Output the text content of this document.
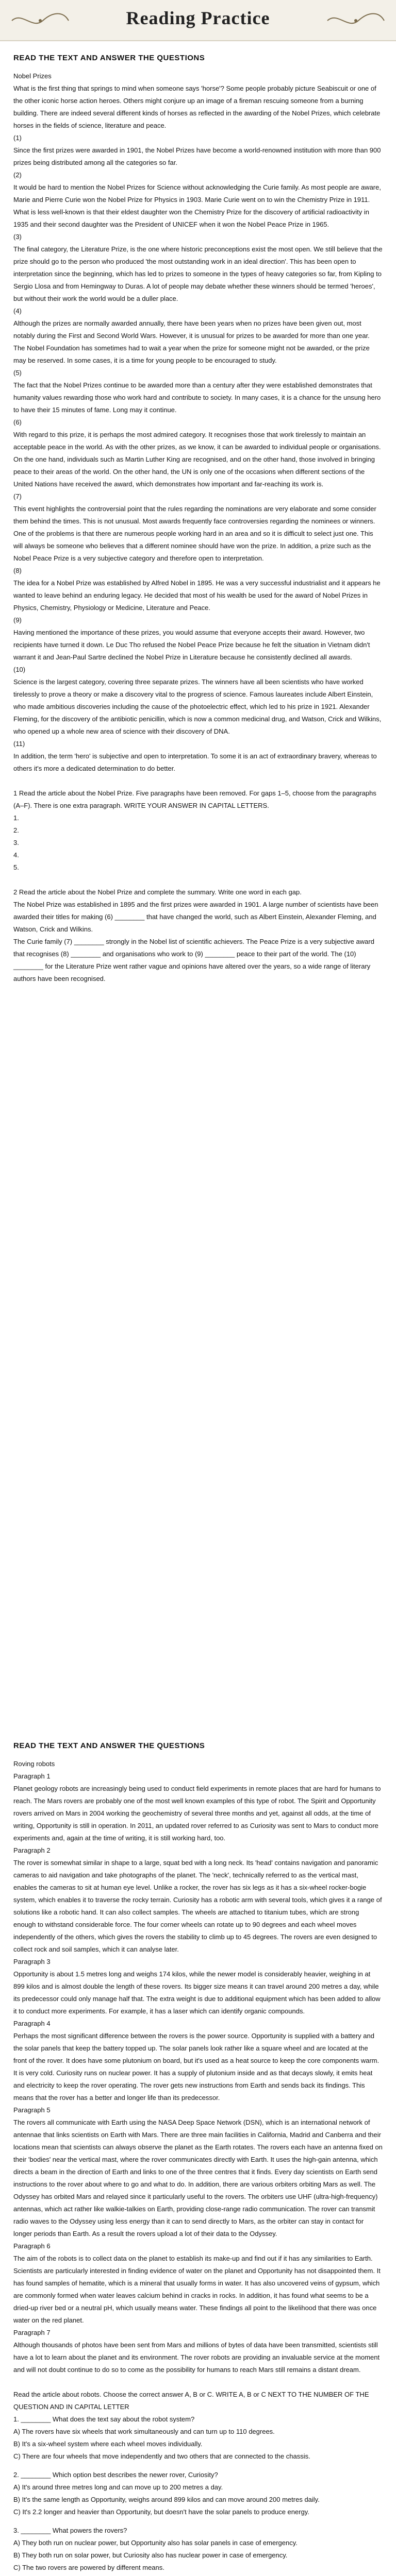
Reading Practice
READ THE TEXT AND ANSWER THE QUESTIONS

Nobel Prizes

What is the first thing that springs to mind when someone says 'horse'? Some people probably picture Seabiscuit or one of the other iconic horse action heroes. Others might conjure up an image of a fireman rescuing someone from a burning building. There are indeed several different kinds of horses as reflected in the awarding of the Nobel Prizes, which celebrate horses in the fields of science, literature and peace.

(1)

Since the first prizes were awarded in 1901, the Nobel Prizes have become a world-renowned institution with more than 900 prizes being distributed among all the categories so far.

(2)

It would be hard to mention the Nobel Prizes for Science without acknowledging the Curie family. As most people are aware, Marie and Pierre Curie won the Nobel Prize for Physics in 1903. Marie Curie went on to win the Chemistry Prize in 1911. What is less well-known is that their eldest daughter won the Chemistry Prize for the discovery of artificial radioactivity in 1935 and their second daughter was the President of UNICEF when it won the Nobel Peace Prize in 1965.

(3)

The final category, the Literature Prize, is the one where historic preconceptions exist the most open. We still believe that the prize should go to the person who produced 'the most outstanding work in an ideal direction'. This has been open to interpretation since the beginning, which has led to prizes to someone in the types of heavy categories so far, from Kipling to Sergio Llosa and from Hemingway to Duras. A lot of people may debate whether these winners should be termed 'heroes', but without their work the world would be a duller place.

(4)

Although the prizes are normally awarded annually, there have been years when no prizes have been given out, most notably during the First and Second World Wars. However, it is unusual for prizes to be awarded for more than one year. The Nobel Foundation has sometimes had to wait a year when the prize for someone might not be awarded, or the prize may be reserved. In some cases, it is a time for young people to be encouraged to study.

(5)

The fact that the Nobel Prizes continue to be awarded more than a century after they were established demonstrates that humanity values rewarding those who work hard and contribute to society. In many cases, it is a chance for the unsung hero to have their 15 minutes of fame. Long may it continue.

(6)

With regard to this prize, it is perhaps the most admired category. It recognises those that work tirelessly to maintain an acceptable peace in the world. As with the other prizes, as we know, it can be awarded to individual people or organisations. On the one hand, individuals such as Martin Luther King are recognised, and on the other hand, those involved in bringing peace to their areas of the world. On the other hand, the UN is only one of the occasions when different sections of the United Nations have received the award, which demonstrates how important and far-reaching its work is.

(7)

This event highlights the controversial point that the rules regarding the nominations are very elaborate and some consider them behind the times. This is not unusual. Most awards frequently face controversies regarding the nominees or winners. One of the problems is that there are numerous people working hard in an area and so it is difficult to select just one. This will always be someone who believes that a different nominee should have won the prize. In addition, a prize such as the Nobel Peace Prize is a very subjective category and therefore open to interpretation.

(8)

The idea for a Nobel Prize was established by Alfred Nobel in 1895. He was a very successful industrialist and it appears he wanted to leave behind an enduring legacy. He decided that most of his wealth be used for the award of Nobel Prizes in Physics, Chemistry, Physiology or Medicine, Literature and Peace.

(9)

Having mentioned the importance of these prizes, you would assume that everyone accepts their award. However, two recipients have turned it down. Le Duc Tho refused the Nobel Peace Prize because he felt the situation in Vietnam didn't warrant it and Jean-Paul Sartre declined the Nobel Prize in Literature because he consistently declined all awards.

(10)

Science is the largest category, covering three separate prizes. The winners have all been scientists who have worked tirelessly to prove a theory or make a discovery vital to the progress of science. Famous laureates include Albert Einstein, who made ambitious discoveries including the cause of the photoelectric effect, which led to his prize in 1921. Alexander Fleming, for the discovery of the antibiotic penicillin, which is now a common medicinal drug, and Watson, Crick and Wilkins, who opened up a whole new area of science with their discovery of DNA.

(11)

In addition, the term 'hero' is subjective and open to interpretation. To some it is an act of extraordinary bravery, whereas to others it's more a dedicated determination to do better.

1 Read the article about the Nobel Prize. Five paragraphs have been removed. For gaps 1–5, choose from the paragraphs (A–F). There is one extra paragraph. WRITE YOUR ANSWER IN CAPITAL LETTERS.

1.

2.

3.

4.

5.

2 Read the article about the Nobel Prize and complete the summary. Write one word in each gap.

The Nobel Prize was established in 1895 and the first prizes were awarded in 1901. A large number of scientists have been awarded their titles for making (6) ________ that have changed the world, such as Albert Einstein, Alexander Fleming, and Watson, Crick and Wilkins.

The Curie family (7) ________ strongly in the Nobel list of scientific achievers. The Peace Prize is a very subjective award that recognises (8) ________ and organisations who work to (9) ________ peace to their part of the world. The (10) ________ for the Literature Prize went rather vague and opinions have altered over the years, so a wide range of literary authors have been recognised.

READ THE TEXT AND ANSWER THE QUESTIONS

Roving robots

Paragraph 1

Planet geology robots are increasingly being used to conduct field experiments in remote places that are hard for humans to reach. The Mars rovers are probably one of the most well known examples of this type of robot. The Spirit and Opportunity rovers arrived on Mars in 2004 working the geochemistry of several three months and yet, against all odds, at the time of writing, Opportunity is still in operation. In 2011, an updated rover referred to as Curiosity was sent to Mars to conduct more experiments and, again at the time of writing, it is still working hard, too.

Paragraph 2

The rover is somewhat similar in shape to a large, squat bed with a long neck. Its 'head' contains navigation and panoramic cameras to aid navigation and take photographs of the planet. The 'neck', technically referred to as the vertical mast, enables the cameras to sit at human eye level. Unlike a rocker, the rover has six legs as it has a six-wheel rocker-bogie system, which enables it to traverse the rocky terrain. Curiosity has a robotic arm with several tools, which gives it a range of solutions like a robotic hand. It can also collect samples. The wheels are attached to titanium tubes, which are strong enough to withstand considerable force. The four corner wheels can rotate up to 90 degrees and each wheel moves independently of the others, which gives the rovers the stability to climb up to 45 degrees. The rovers are even designed to collect rock and soil samples, which it can analyse later.

Paragraph 3

Opportunity is about 1.5 metres long and weighs 174 kilos, while the newer model is considerably heavier, weighing in at 899 kilos and is almost double the length of these rovers. Its bigger size means it can travel around 200 metres a day, while its predecessor could only manage half that. The extra weight is due to additional equipment which has been added to allow it to conduct more experiments. For example, it has a laser which can identify organic compounds.

Paragraph 4

Perhaps the most significant difference between the rovers is the power source. Opportunity is supplied with a battery and the solar panels that keep the battery topped up. The solar panels look rather like a square wheel and are located at the front of the rover. It does have some plutonium on board, but it's used as a heat source to keep the core components warm. It is very cold. Curiosity runs on nuclear power. It has a supply of plutonium inside and as that decays slowly, it emits heat and electricity to keep the rover operating. The rover gets new instructions from Earth and sends back its findings. This means that the rover has a better and longer life than its predecessor.

Paragraph 5

The rovers all communicate with Earth using the NASA Deep Space Network (DSN), which is an international network of antennae that links scientists on Earth with Mars. There are three main facilities in California, Madrid and Canberra and their locations mean that scientists can always observe the planet as the Earth rotates. The rovers each have an antenna fixed on their 'bodies' near the vertical mast, where the rover communicates directly with Earth. It uses the high-gain antenna, which directs a beam in the direction of Earth and links to one of the three centres that it finds. Every day scientists on Earth send instructions to the rover about where to go and what to do. In addition, there are various orbiters orbiting Mars as well. The Odyssey has orbited Mars and relayed since it particularly useful to the rovers. The orbiters use UHF (ultra-high-frequency) antennas, which act rather like walkie-talkies on Earth, providing close-range radio communication. The rover can transmit radio waves to the Odyssey using less energy than it can to send directly to Mars, as the orbiter can stay in contact for longer periods than Earth. As a result the rovers upload a lot of their data to the Odyssey.

Paragraph 6

The aim of the robots is to collect data on the planet to establish its make-up and find out if it has any similarities to Earth. Scientists are particularly interested in finding evidence of water on the planet and Opportunity has not disappointed them. It has found samples of hematite, which is a mineral that usually forms in water. It has also uncovered veins of gypsum, which are commonly formed when water leaves calcium behind in cracks in rocks. In addition, it has found what seems to be a dried-up river bed or a neutral pH, which usually means water. These findings all point to the likelihood that there was once water on the red planet.

Paragraph 7

Although thousands of photos have been sent from Mars and millions of bytes of data have been transmitted, scientists still have a lot to learn about the planet and its environment. The rover robots are providing an invaluable service at the moment and will not doubt continue to do so to come as the possibility for humans to reach Mars still remains a distant dream.

Read the article about robots. Choose the correct answer A, B or C. WRITE A, B or C NEXT TO THE NUMBER OF THE QUESTION AND IN CAPITAL LETTER

1. ________ What does the text say about the robot system?

A) The rovers have six wheels that work simultaneously and can turn up to 110 degrees.

B) It's a six-wheel system where each wheel moves individually.

C) There are four wheels that move independently and two others that are connected to the chassis.

2. ________ Which option best describes the newer rover, Curiosity?

A) It's around three metres long and can move up to 200 metres a day.

B) It's the same length as Opportunity, weighs around 899 kilos and can move around 200 metres daily.

C) It's 2.2 longer and heavier than Opportunity, but doesn't have the solar panels to produce energy.

3. ________ What powers the rovers?

A) They both run on nuclear power, but Opportunity also has solar panels in case of emergency.

B) They both run on solar power, but Curiosity also has nuclear power in case of emergency.

C) The two rovers are powered by different means.
